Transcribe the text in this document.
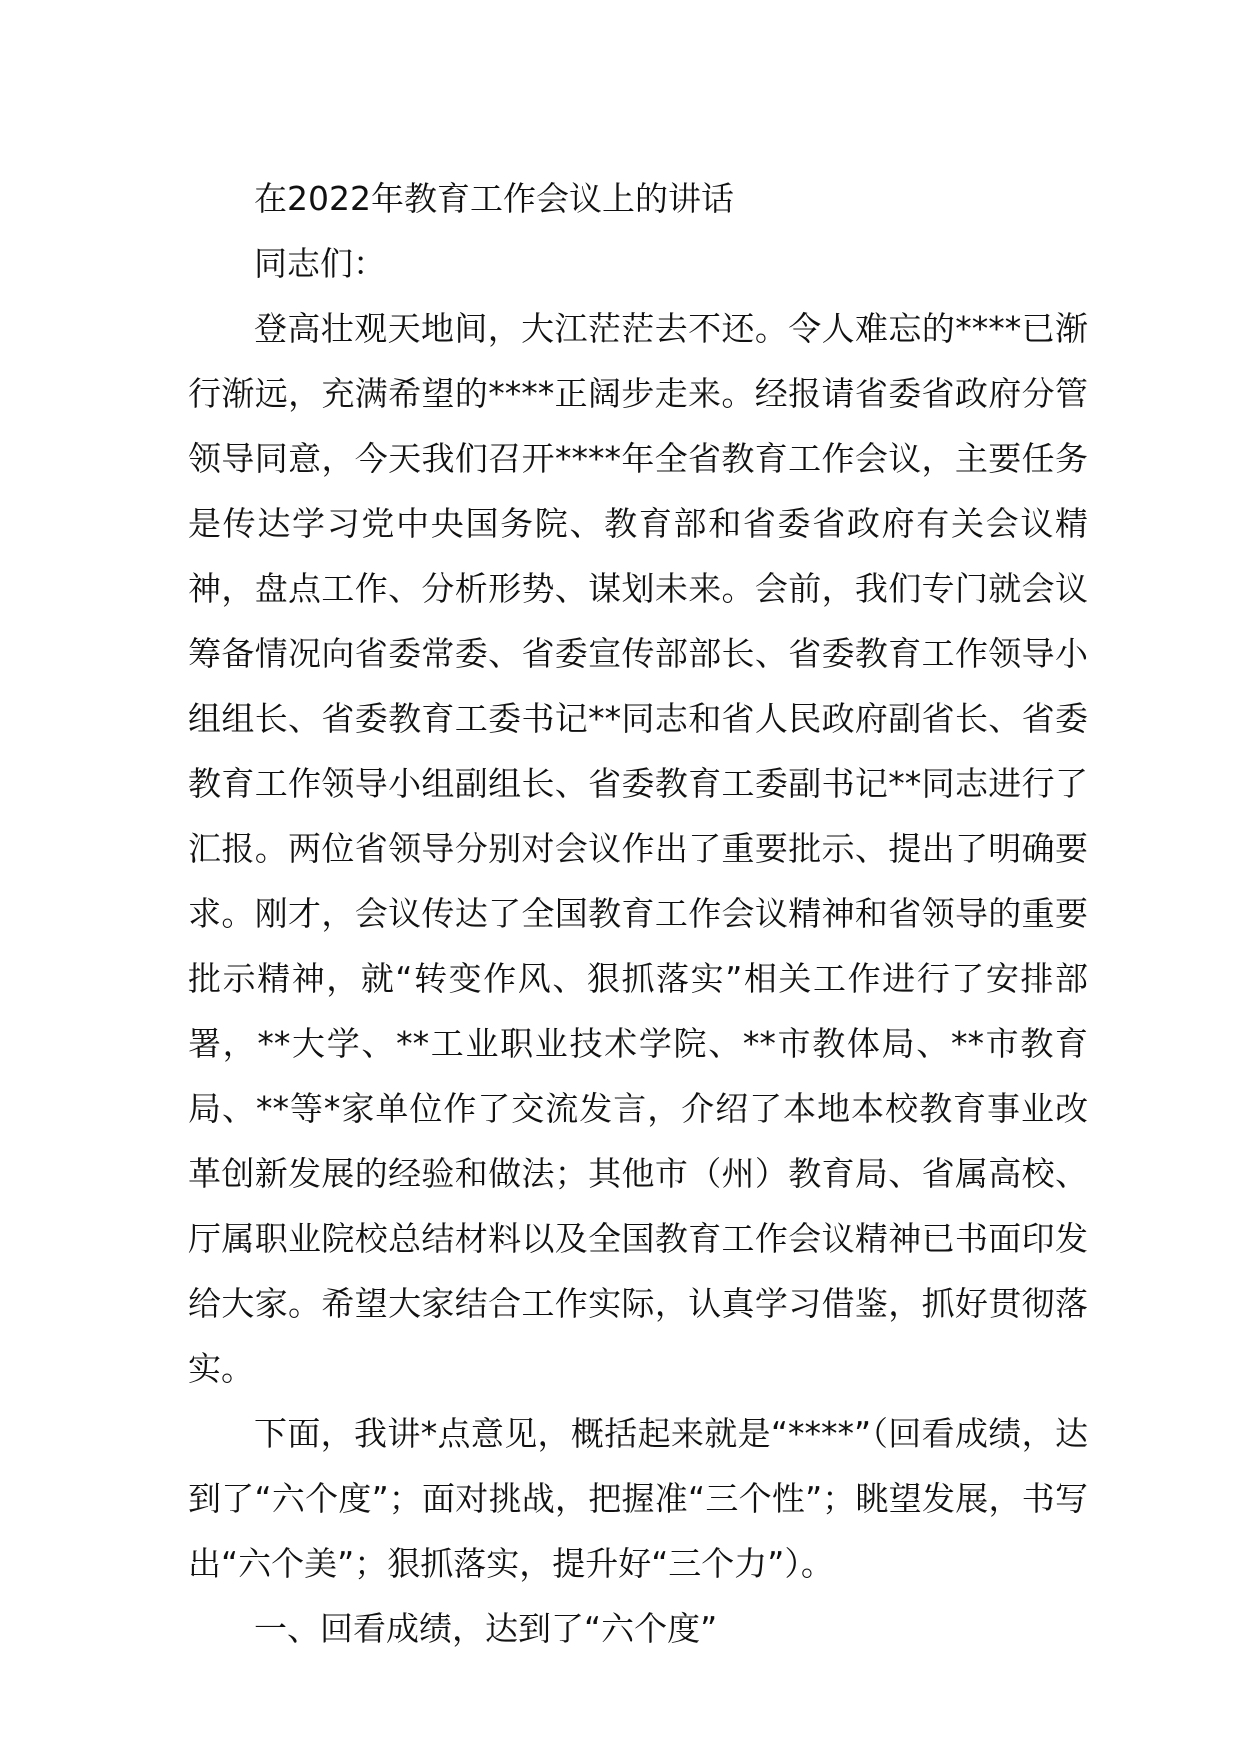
在2022年教育工作会议上的讲话

同志们：

登高壮观天地间，大江茫茫去不还。令人难忘的****已渐行渐远，充满希望的****正阔步走来。经报请省委省政府分管领导同意，今天我们召开****年全省教育工作会议，主要任务是传达学习党中央国务院、教育部和省委省政府有关会议精神，盘点工作、分析形势、谋划未来。会前，我们专门就会议筹备情况向省委常委、省委宣传部部长、省委教育工作领导小组组长、省委教育工委书记**同志和省人民政府副省长、省委教育工作领导小组副组长、省委教育工委副书记**同志进行了汇报。两位省领导分别对会议作出了重要批示、提出了明确要求。刚才，会议传达了全国教育工作会议精神和省领导的重要批示精神，就“转变作风、狠抓落实”相关工作进行了安排部署，**大学、**工业职业技术学院、**市教体局、**市教育局、**等*家单位作了交流发言，介绍了本地本校教育事业改革创新发展的经验和做法；其他市（州）教育局、省属高校、厅属职业院校总结材料以及全国教育工作会议精神已书面印发给大家。希望大家结合工作实际，认真学习借鉴，抓好贯彻落实。

下面，我讲*点意见，概括起来就是“****”（回看成绩，达到了“六个度”；面对挑战，把握准“三个性”；眺望发展，书写出“六个美”；狠抓落实，提升好“三个力”）。

一、回看成绩，达到了“六个度”
